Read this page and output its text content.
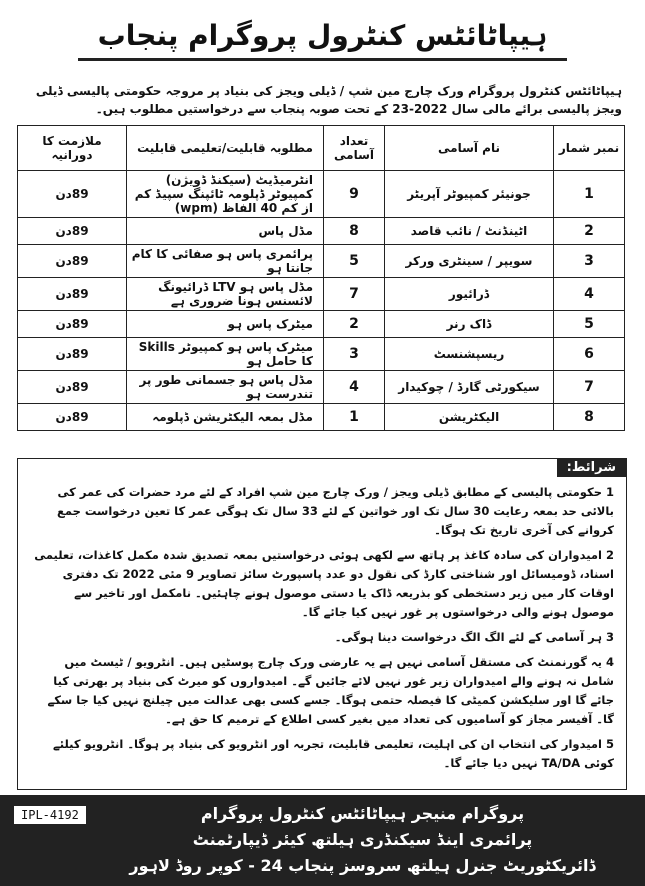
ہیپاٹائٹس کنٹرول پروگرام پنجاب
ہیپاٹائٹس کنٹرول پروگرام ورک چارج مین شپ / ڈیلی ویجز کی بنیاد پر مروجہ حکومتی پالیسی ڈیلی ویجز پالیسی برائے مالی سال 2022-23 کے تحت صوبہ پنجاب سے درخواستیں مطلوب ہیں۔
نمبر شمار	نام آسامی	تعداد آسامی	مطلوبہ قابلیت/تعلیمی قابلیت	ملازمت کا دورانیہ
1	جونیئر کمپیوٹر آپریٹر	9	انٹرمیڈیٹ (سیکنڈ ڈویژن) کمپیوٹر ڈپلومہ ٹائپنگ سپیڈ کم از کم 40 الفاظ (wpm)	89دن
2	اٹینڈنٹ / نائب قاصد	8	مڈل پاس	89دن
3	سویپر / سینٹری ورکر	5	پرائمری پاس ہو صفائی کا کام جانتا ہو	89دن
4	ڈرائیور	7	مڈل پاس ہو LTV ڈرائیونگ لائسنس ہونا ضروری ہے	89دن
5	ڈاک رنر	2	میٹرک پاس ہو	89دن
6	ریسپشنسٹ	3	میٹرک پاس ہو کمپیوٹر Skills کا حامل ہو	89دن
7	سیکورٹی گارڈ / چوکیدار	4	مڈل پاس ہو جسمانی طور پر تندرست ہو	89دن
8	الیکٹریشن	1	مڈل بمعہ الیکٹریشن ڈپلومہ	89دن
شرائط:

1 حکومتی پالیسی کے مطابق ڈیلی ویجز / ورک چارج مین شپ افراد کے لئے مرد حضرات کی عمر کی بالائی حد بمعہ رعایت 30 سال تک اور خواتین کے لئے 33 سال تک ہوگی عمر کا تعین درخواست جمع کروانے کی آخری تاریخ تک ہوگا۔

2 امیدواران کی سادہ کاغذ پر ہاتھ سے لکھی ہوئی درخواستیں بمعہ تصدیق شدہ مکمل کاغذات، تعلیمی اسناد، ڈومیسائل اور شناختی کارڈ کی نقول دو عدد پاسپورٹ سائز تصاویر 9 مئی 2022 تک دفتری اوقات کار میں زیر دستخطی کو بذریعہ ڈاک یا دستی موصول ہونے چاہئیں۔ نامکمل اور تاخیر سے موصول ہونے والی درخواستوں پر غور نہیں کیا جائے گا۔

3 ہر آسامی کے لئے الگ الگ درخواست دینا ہوگی۔

4 یہ گورنمنٹ کی مستقل آسامی نہیں ہے یہ عارضی ورک چارج پوسٹیں ہیں۔ انٹرویو / ٹیسٹ میں شامل نہ ہونے والے امیدواران زیر غور نہیں لائے جائیں گے۔ امیدواروں کو میرٹ کی بنیاد پر بھرتی کیا جائے گا اور سلیکشن کمیٹی کا فیصلہ حتمی ہوگا۔ جسے کسی بھی عدالت میں چیلنج نہیں کیا جا سکے گا۔ آفیسر مجاز کو آسامیوں کی تعداد میں بغیر کسی اطلاع کے ترمیم کا حق ہے۔

5 امیدوار کی انتخاب ان کی اہلیت، تعلیمی قابلیت، تجربہ اور انٹرویو کی بنیاد پر ہوگا۔ انٹرویو کیلئے کوئی TA/DA نہیں دیا جائے گا۔

پروگرام منیجر ہیپاٹائٹس کنٹرول پروگرام
پرائمری اینڈ سیکنڈری ہیلتھ کیئر ڈیپارٹمنٹ
ڈائریکٹوریٹ جنرل ہیلتھ سروسز پنجاب 24 - کوپر روڈ لاہور
IPL-4192
